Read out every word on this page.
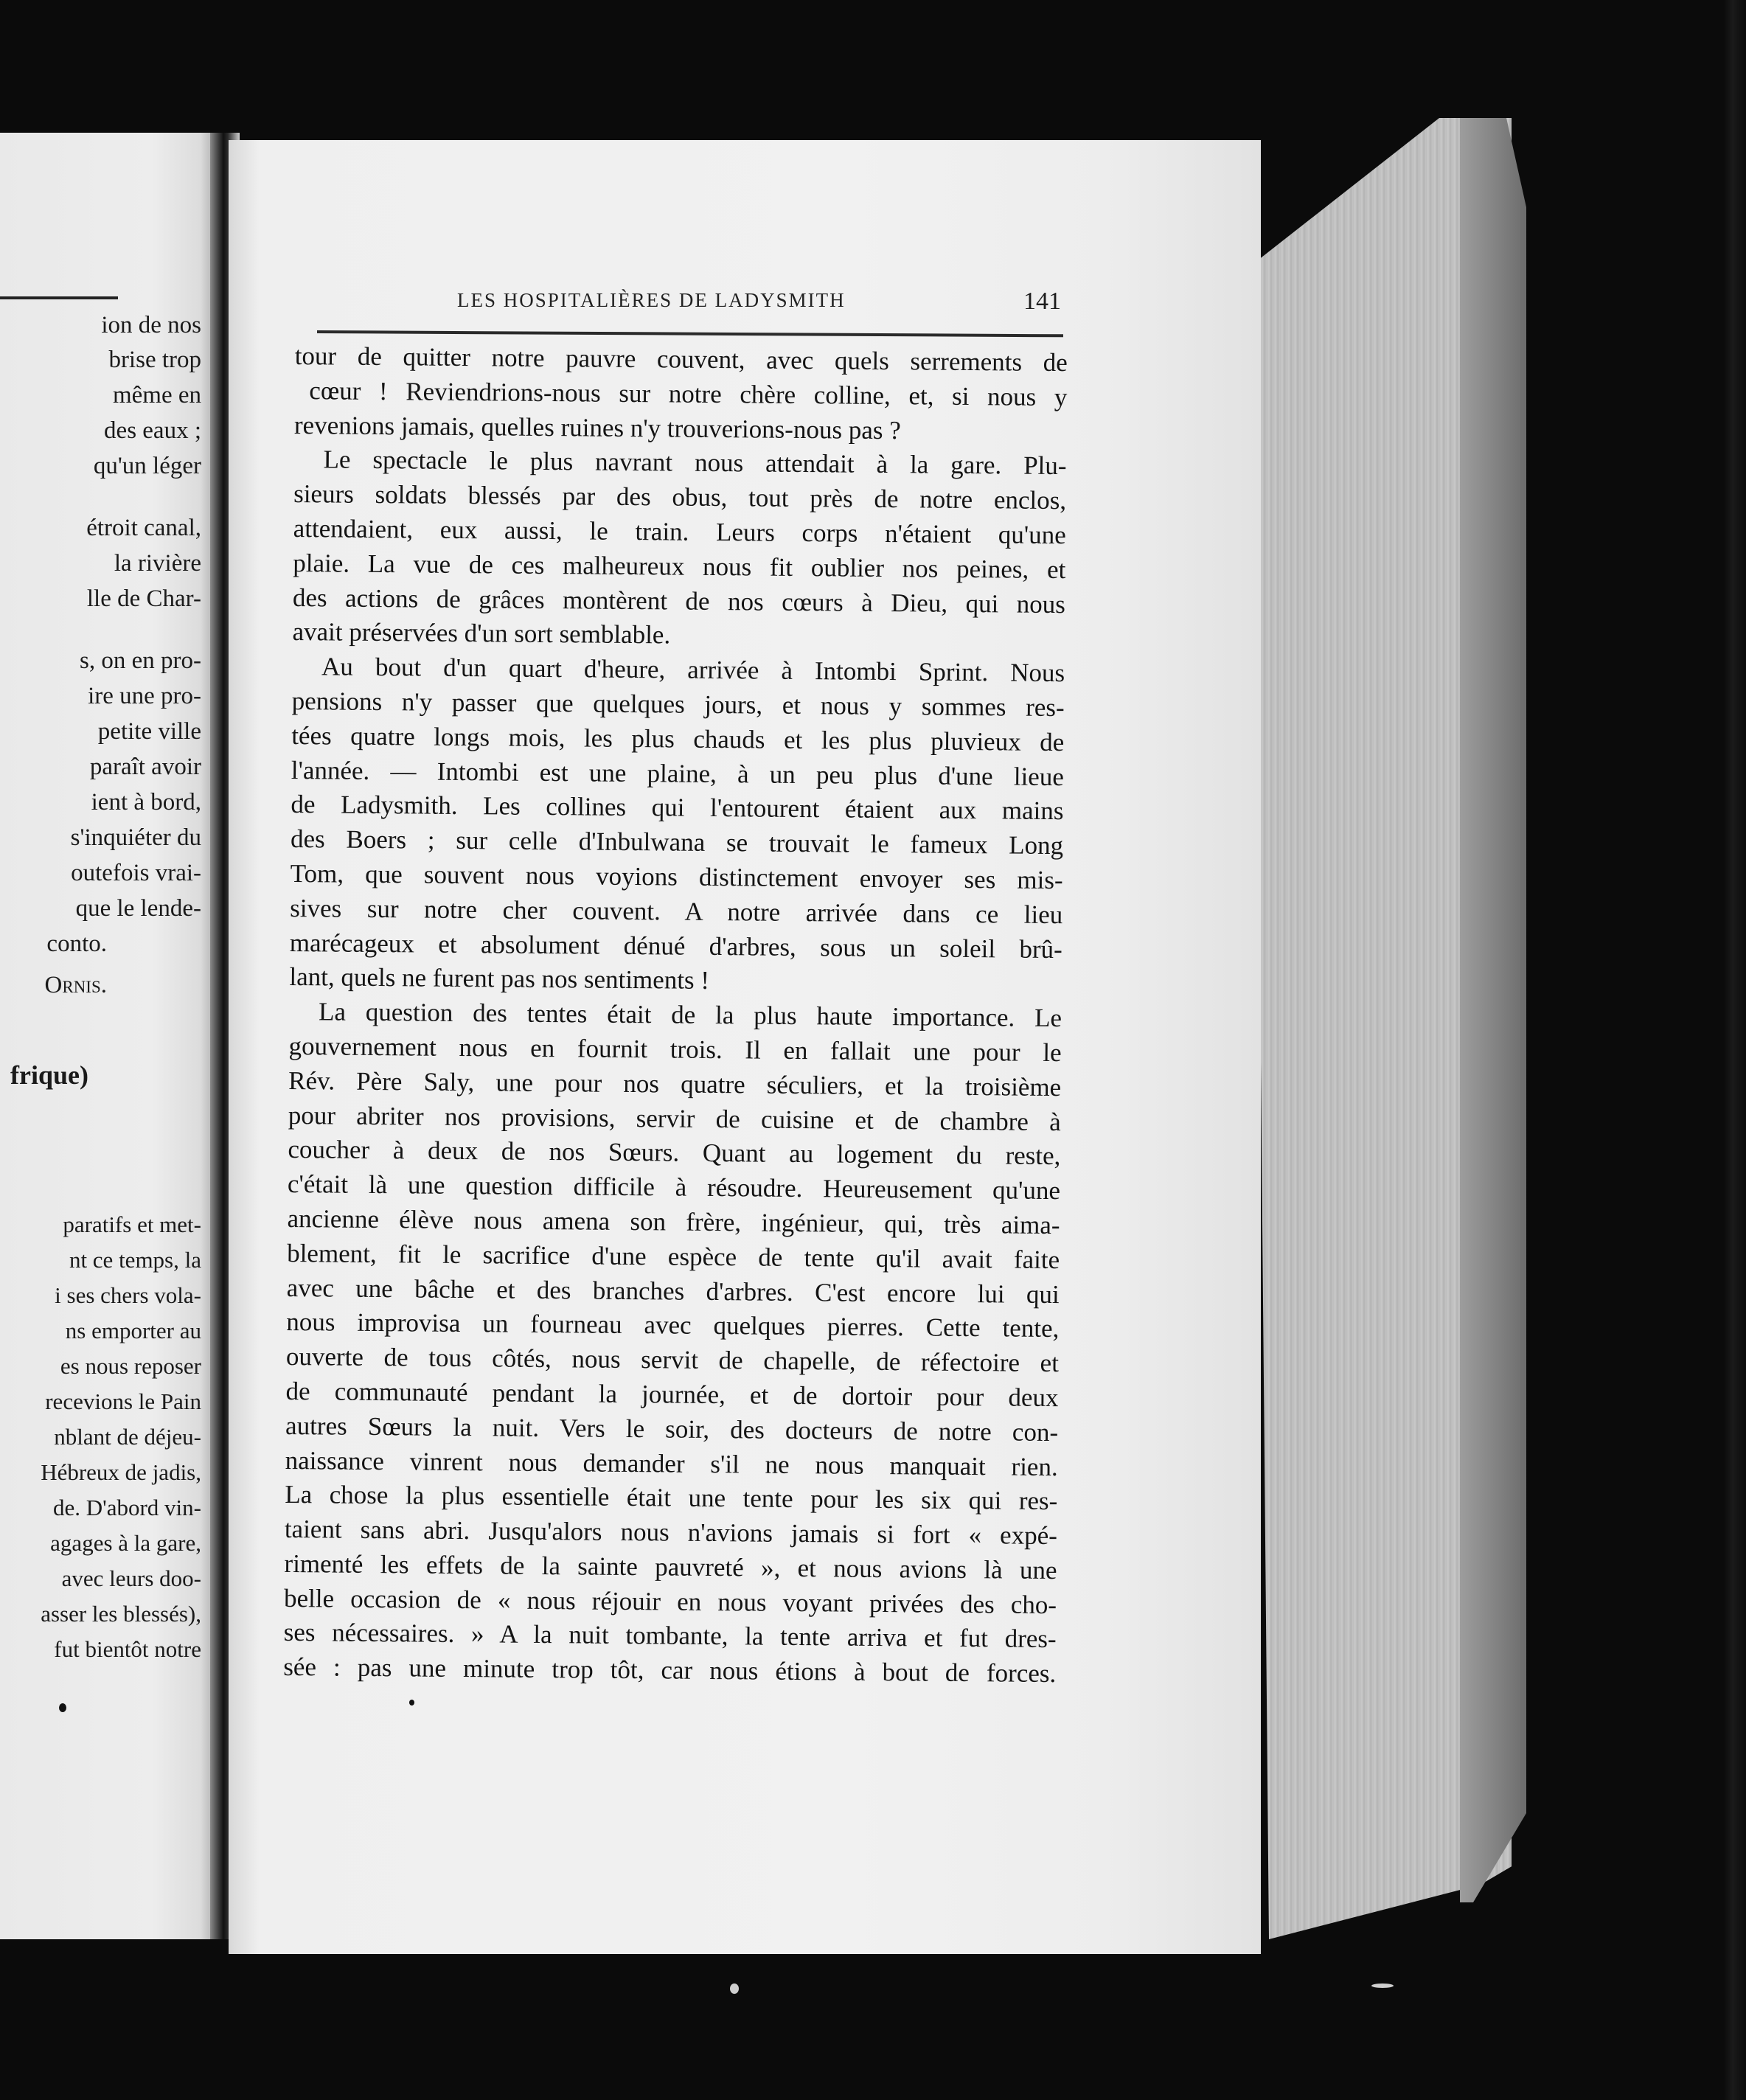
ion de nos
brise trop
même en
des eaux ;
qu'un léger
étroit canal,
la rivière
lle de Char-
s, on en pro-
ire une pro-
petite ville
paraît avoir
ient à bord,
s'inquiéter du
outefois vrai-
que le lende-
conto.
Ornis.
frique)
paratifs et met-
nt ce temps, la
i ses chers vola-
ns emporter au
es nous reposer
recevions le Pain
nblant de déjeu-
Hébreux de jadis,
de. D'abord vin-
agages à la gare,
avec leurs doo-
asser les blessés),
fut bientôt notre
LES HOSPITALIÈRES DE LADYSMITH	141
tour de quitter notre pauvre couvent, avec quels serrements de
cœur ! Reviendrions-nous sur notre chère colline, et, si nous y
revenions jamais, quelles ruines n'y trouverions-nous pas ?
Le spectacle le plus navrant nous attendait à la gare. Plu-
sieurs soldats blessés par des obus, tout près de notre enclos,
attendaient, eux aussi, le train. Leurs corps n'étaient qu'une
plaie. La vue de ces malheureux nous fit oublier nos peines, et
des actions de grâces montèrent de nos cœurs à Dieu, qui nous
avait préservées d'un sort semblable.
Au bout d'un quart d'heure, arrivée à Intombi Sprint. Nous
pensions n'y passer que quelques jours, et nous y sommes res-
tées quatre longs mois, les plus chauds et les plus pluvieux de
l'année. — Intombi est une plaine, à un peu plus d'une lieue
de Ladysmith. Les collines qui l'entourent étaient aux mains
des Boers ; sur celle d'Inbulwana se trouvait le fameux Long
Tom, que souvent nous voyions distinctement envoyer ses mis-
sives sur notre cher couvent. A notre arrivée dans ce lieu
marécageux et absolument dénué d'arbres, sous un soleil brû-
lant, quels ne furent pas nos sentiments !
La question des tentes était de la plus haute importance. Le
gouvernement nous en fournit trois. Il en fallait une pour le
Rév. Père Saly, une pour nos quatre séculiers, et la troisième
pour abriter nos provisions, servir de cuisine et de chambre à
coucher à deux de nos Sœurs. Quant au logement du reste,
c'était là une question difficile à résoudre. Heureusement qu'une
ancienne élève nous amena son frère, ingénieur, qui, très aima-
blement, fit le sacrifice d'une espèce de tente qu'il avait faite
avec une bâche et des branches d'arbres. C'est encore lui qui
nous improvisa un fourneau avec quelques pierres. Cette tente,
ouverte de tous côtés, nous servit de chapelle, de réfectoire et
de communauté pendant la journée, et de dortoir pour deux
autres Sœurs la nuit. Vers le soir, des docteurs de notre con-
naissance vinrent nous demander s'il ne nous manquait rien.
La chose la plus essentielle était une tente pour les six qui res-
taient sans abri. Jusqu'alors nous n'avions jamais si fort « expé-
rimenté les effets de la sainte pauvreté », et nous avions là une
belle occasion de « nous réjouir en nous voyant privées des cho-
ses nécessaires. » A la nuit tombante, la tente arriva et fut dres-
sée : pas une minute trop tôt, car nous étions à bout de forces.
